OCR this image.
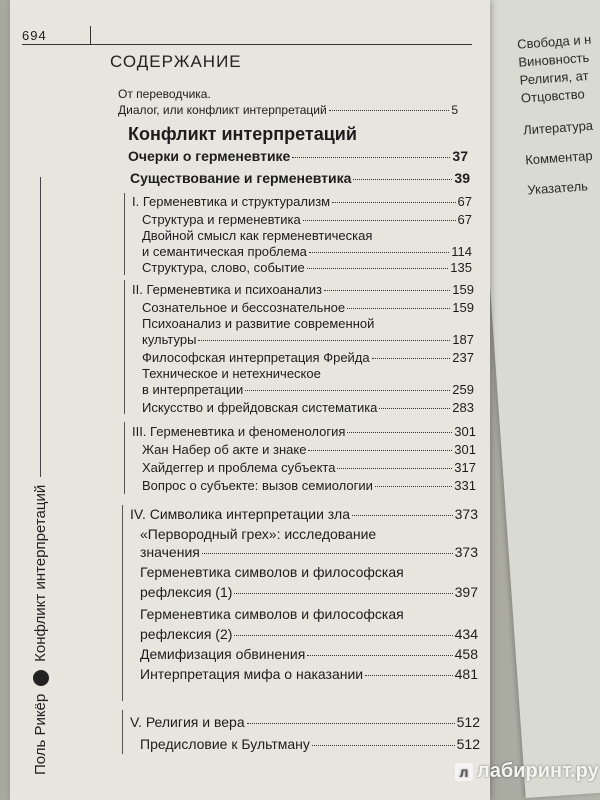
Свобода и н
Виновность
Религия, ат
Отцовство
Литература
Комментар
Указатель
694
СОДЕРЖАНИЕ
Поль Рикёр
Конфликт интерпретаций
От переводчика.
Диалог, или конфликт интерпретаций	5
Конфликт интерпретаций
Очерки о герменевтике	37
Существование и герменевтика	39
I. Герменевтика и структурализм	67
Структура и герменевтика	67
Двойной смысл как герменевтическая
и семантическая проблема	114
Структура, слово, событие	135
II. Герменевтика и психоанализ	159
Сознательное и бессознательное	159
Психоанализ и развитие современной
культуры	187
Философская интерпретация Фрейда	237
Техническое и нетехническое
в интерпретации	259
Искусство и фрейдовская систематика	283
III. Герменевтика и феноменология	301
Жан Набер об акте и знаке	301
Хайдеггер и проблема субъекта	317
Вопрос о субъекте: вызов семиологии	331
IV. Символика интерпретации зла	373
«Первородный грех»: исследование
значения	373
Герменевтика символов и философская
рефлексия (1)	397
Герменевтика символов и философская
рефлексия (2)	434
Демифизация обвинения	458
Интерпретация мифа о наказании	481
V. Религия и вера	512
Предисловие к Бультману	512
л лабиринт.ру
